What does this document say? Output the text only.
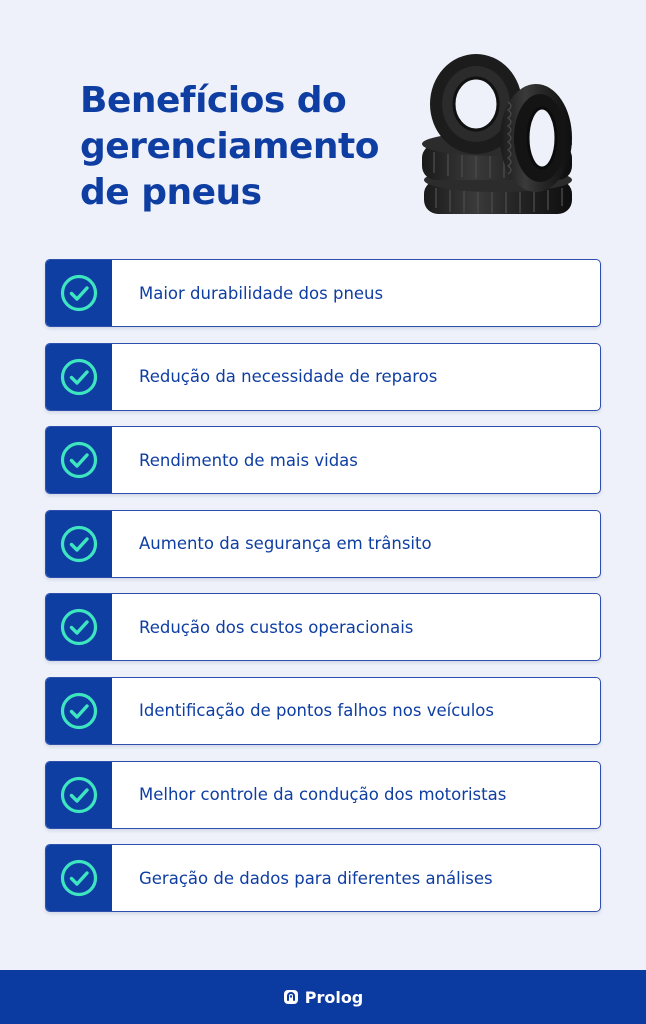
Benefícios do
gerenciamento
de pneus
Maior durabilidade dos pneus
Redução da necessidade de reparos
Rendimento de mais vidas
Aumento da segurança em trânsito
Redução dos custos operacionais
Identificação de pontos falhos nos veículos
Melhor controle da condução dos motoristas
Geração de dados para diferentes análises
Prolog
